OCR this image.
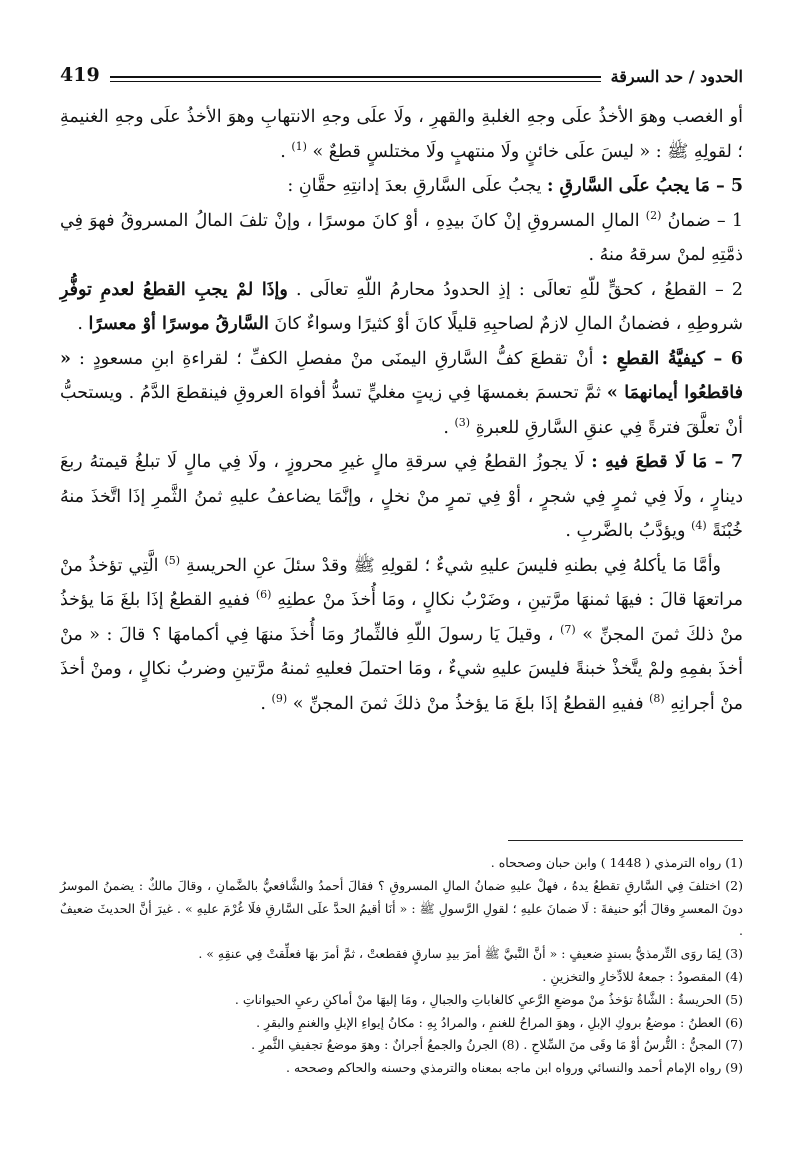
419	الحدود / حد السرقة

أو الغصب وهوَ الأخذُ علَى وجهِ الغلبةِ والقهرِ ، ولَا علَى وجهِ الانتهابِ وهوَ الأخذُ علَى وجهِ الغنيمةِ ؛ لقولِهِ ﷺ : « ليسَ علَى خائنٍ ولَا منتهبٍ ولَا مختلسٍ قطعٌ » $^{(1)}$ .

5 – مَا يجبُ علَى السَّارقِ : يجبُ علَى السَّارقِ بعدَ إدانتِهِ حقَّانِ :

1 – ضمانُ $^{(2)}$ المالِ المسروقِ إنْ كانَ بيدِهِ ، أوْ كانَ موسرًا ، وإنْ تلفَ المالُ المسروقُ فهوَ فِي ذمَّتِهِ لمنْ سرقهُ منهُ .

2 – القطعُ ، كحقٍّ للّهِ تعالَى : إذِ الحدودُ محارمُ اللّهِ تعالَى . وإذَا لمْ يجبِ القطعُ لعدمِ توفُّرِ شروطِهِ ، فضمانُ المالِ لازمٌ لصاحبِهِ قليلًا كانَ أوْ كثيرًا وسواءٌ كانَ السَّارقُ موسرًا أوْ معسرًا .

6 – كيفيَّةُ القطعِ : أنْ تقطعَ كفُّ السَّارقِ اليمنَى منْ مفصلِ الكفِّ ؛ لقراءةِ ابنِ مسعودٍ : « فاقطعُوا أيمانهمَا » ثمَّ تحسمَ بغمسهَا فِي زيتٍ مغليٍّ تسدُّ أفواهَ العروقِ فينقطعَ الدَّمُ . ويستحبُّ أنْ تعلَّقَ فترةً فِي عنقِ السَّارقِ للعبرةِ $^{(3)}$ .

7 – مَا لَا قطعَ فيهِ : لَا يجوزُ القطعُ فِي سرقةِ مالٍ غيرِ محروزٍ ، ولَا فِي مالٍ لَا تبلغُ قيمتهُ ربعَ دينارٍ ، ولَا فِي ثمرٍ فِي شجرٍ ، أوْ فِي تمرٍ منْ نخلٍ ، وإنَّمَا يضاعفُ عليهِ ثمنُ الثَّمرِ إذَا اتَّخذَ منهُ خُبْنَةً $^{(4)}$ ويؤدَّبُ بالضَّربِ .

وأمَّا مَا يأكلهُ فِي بطنهِ فليسَ عليهِ شيءٌ ؛ لقولِهِ ﷺ وقدْ سئلَ عنِ الحريسةِ $^{(5)}$ الَّتِي تؤخذُ منْ مراتعهَا قالَ : فيهَا ثمنهَا مرَّتينِ ، وضَرْبُ نكالٍ ، ومَا أُخذَ منْ عطنِهِ $^{(6)}$ ففيهِ القطعُ إذَا بلغَ مَا يؤخذُ منْ ذلكَ ثمنَ المجنِّ » $^{(7)}$ ، وقيلَ يَا رسولَ اللّهِ فالثِّمارُ ومَا أُخذَ منهَا فِي أكمامهَا ؟ قالَ : « منْ أخذَ بفمِهِ ولمْ يتَّخذْ خبنةً فليسَ عليهِ شيءٌ ، ومَا احتملَ فعليهِ ثمنهُ مرَّتينِ وضربُ نكالٍ ، ومنْ أخذَ منْ أجرانِهِ $^{(8)}$ ففيهِ القطعُ إذَا بلغَ مَا يؤخذُ منْ ذلكَ ثمنَ المجنِّ » $^{(9)}$ .

(1) رواه الترمذي ( 1448 ) وابن حبان وصححاه .

(2) اختلفَ فِي السَّارقِ تقطعُ يدهُ ، فهلْ عليهِ ضمانُ المالِ المسروقِ ؟ فقالَ أحمدُ والشَّافعيُّ بالضَّمانِ ، وقالَ مالكٌ : يضمنُ الموسرُ دونَ المعسرِ وقالَ أبُو حنيفةَ : لَا ضمانَ عليهِ ؛ لقولِ الرَّسولِ ﷺ : « أنَا أقيمُ الحدَّ علَى السَّارقِ فلَا غُرْمَ عليهِ » . غيرَ أنَّ الحديثَ ضعيفٌ .

(3) لِمَا روَى التِّرمذيُّ بسندٍ ضعيفٍ : « أنَّ النَّبيَّ ﷺ أمرَ بيدِ سارقٍ فقطعتْ ، ثمَّ أمرَ بهَا فعلِّقتْ فِي عنقِهِ » .

(4) المقصودُ : جمعهُ للادِّخارِ والتخزينِ .

(5) الحريسةُ : الشَّاةُ تؤخذُ منْ موضعِ الرَّعيِ كالغاباتِ والجبالِ ، ومَا إليهَا منْ أماكنِ رعيِ الحيواناتِ .

(6) العطنُ : موضعُ بروكِ الإبلِ ، وهوَ المراحُ للغنمِ ، والمرادُ بِهِ : مكانُ إيواءِ الإبلِ والغنمِ والبقرِ .

(7) المجنُّ : التُّرسُ أوْ مَا وقَى منَ السِّلاحِ . (8) الجرنُ والجمعُ أجرانٌ : وهوَ موضعُ تجفيفِ الثَّمرِ .

(9) رواه الإمام أحمد والنسائي ورواه ابن ماجه بمعناه والترمذي وحسنه والحاكم وصححه .
